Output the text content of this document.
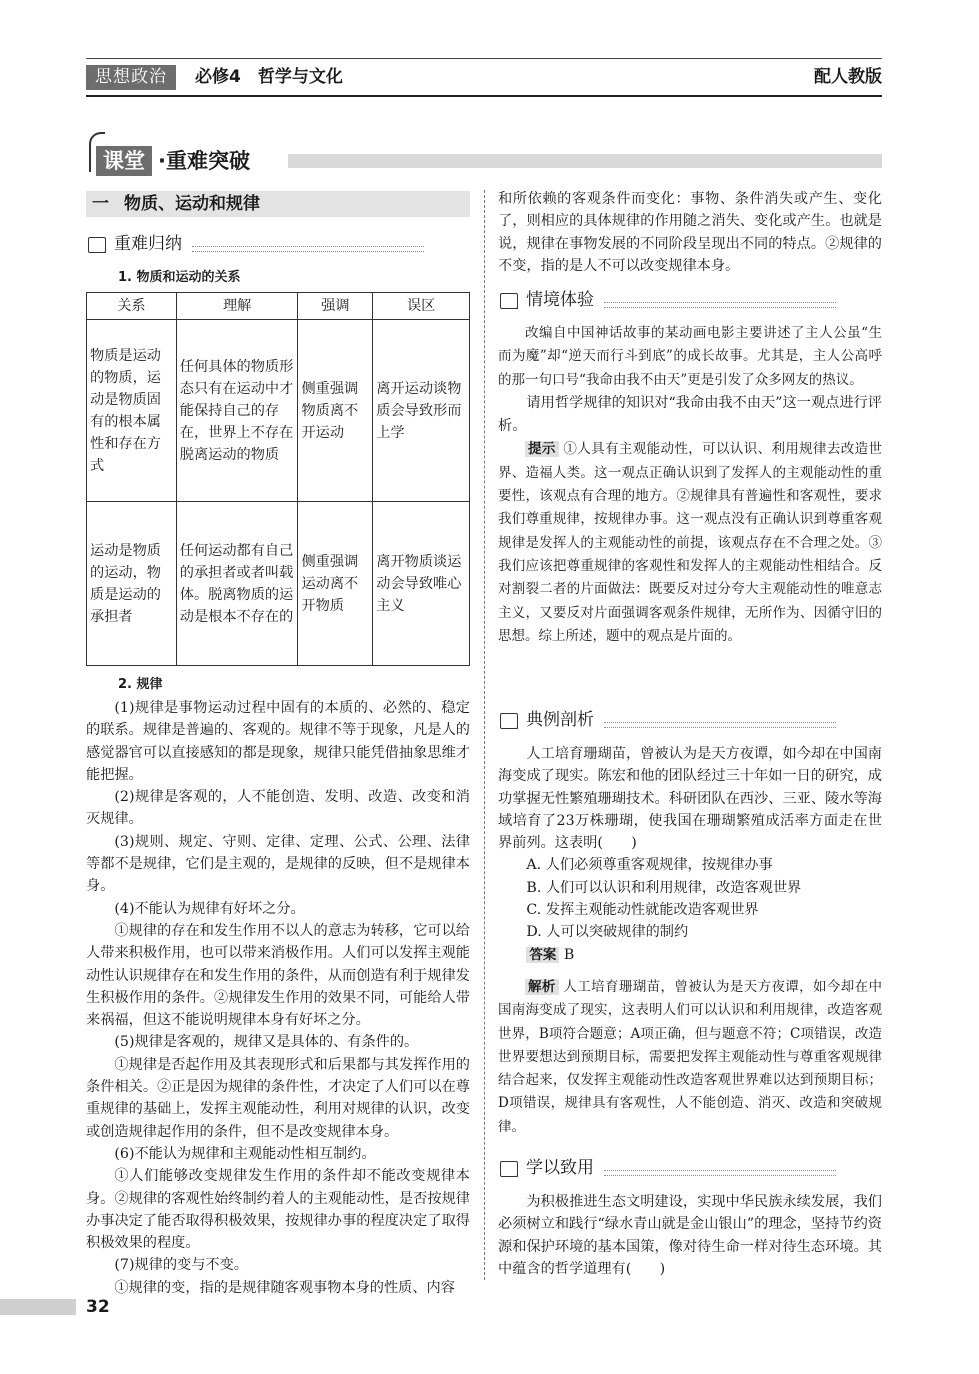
思想政治	必修4　哲学与文化	配人教版
课堂 ·重难突破
一 物质、运动和规律
重难归纳
1. 物质和运动的关系
关系	理解	强调	误区
物质是运动的物质，运动是物质固有的根本属性和存在方式	任何具体的物质形态只有在运动中才能保持自己的存在，世界上不存在脱离运动的物质	侧重强调物质离不开运动	离开运动谈物质会导致形而上学
运动是物质的运动，物质是运动的承担者	任何运动都有自己的承担者或者叫载体。脱离物质的运动是根本不存在的	侧重强调运动离不开物质	离开物质谈运动会导致唯心主义
2. 规律

(1)规律是事物运动过程中固有的本质的、必然的、稳定的联系。规律是普遍的、客观的。规律不等于现象，凡是人的感觉器官可以直接感知的都是现象，规律只能凭借抽象思维才能把握。

(2)规律是客观的，人不能创造、发明、改造、改变和消灭规律。

(3)规则、规定、守则、定律、定理、公式、公理、法律等都不是规律，它们是主观的，是规律的反映，但不是规律本身。

(4)不能认为规律有好坏之分。

①规律的存在和发生作用不以人的意志为转移，它可以给人带来积极作用，也可以带来消极作用。人们可以发挥主观能动性认识规律存在和发生作用的条件，从而创造有利于规律发生积极作用的条件。②规律发生作用的效果不同，可能给人带来祸福，但这不能说明规律本身有好坏之分。

(5)规律是客观的，规律又是具体的、有条件的。

①规律是否起作用及其表现形式和后果都与其发挥作用的条件相关。②正是因为规律的条件性，才决定了人们可以在尊重规律的基础上，发挥主观能动性，利用对规律的认识，改变或创造规律起作用的条件，但不是改变规律本身。

(6)不能认为规律和主观能动性相互制约。

①人们能够改变规律发生作用的条件却不能改变规律本身。②规律的客观性始终制约着人的主观能动性，是否按规律办事决定了能否取得积极效果，按规律办事的程度决定了取得积极效果的程度。

(7)规律的变与不变。

①规律的变，指的是规律随客观事物本身的性质、内容

和所依赖的客观条件而变化：事物、条件消失或产生、变化了，则相应的具体规律的作用随之消失、变化或产生。也就是说，规律在事物发展的不同阶段呈现出不同的特点。②规律的不变，指的是人不可以改变规律本身。

情境体验

改编自中国神话故事的某动画电影主要讲述了主人公虽“生而为魔”却“逆天而行斗到底”的成长故事。尤其是，主人公高呼的那一句口号“我命由我不由天”更是引发了众多网友的热议。

请用哲学规律的知识对“我命由我不由天”这一观点进行评析。

提示 ①人具有主观能动性，可以认识、利用规律去改造世界、造福人类。这一观点正确认识到了发挥人的主观能动性的重要性，该观点有合理的地方。②规律具有普遍性和客观性，要求我们尊重规律，按规律办事。这一观点没有正确认识到尊重客观规律是发挥人的主观能动性的前提，该观点存在不合理之处。③我们应该把尊重规律的客观性和发挥人的主观能动性相结合。反对割裂二者的片面做法：既要反对过分夸大主观能动性的唯意志主义，又要反对片面强调客观条件规律，无所作为、因循守旧的思想。综上所述，题中的观点是片面的。

典例剖析

人工培育珊瑚苗，曾被认为是天方夜谭，如今却在中国南海变成了现实。陈宏和他的团队经过三十年如一日的研究，成功掌握无性繁殖珊瑚技术。科研团队在西沙、三亚、陵水等海域培育了23万株珊瑚，使我国在珊瑚繁殖成活率方面走在世界前列。这表明(　　)

A. 人们必须尊重客观规律，按规律办事

B. 人们可以认识和利用规律，改造客观世界

C. 发挥主观能动性就能改造客观世界

D. 人可以突破规律的制约

答案 B

解析 人工培育珊瑚苗，曾被认为是天方夜谭，如今却在中国南海变成了现实，这表明人们可以认识和利用规律，改造客观世界，B项符合题意；A项正确，但与题意不符；C项错误，改造世界要想达到预期目标，需要把发挥主观能动性与尊重客观规律结合起来，仅发挥主观能动性改造客观世界难以达到预期目标；D项错误，规律具有客观性，人不能创造、消灭、改造和突破规律。

学以致用

为积极推进生态文明建设，实现中华民族永续发展，我们必须树立和践行“绿水青山就是金山银山”的理念，坚持节约资源和保护环境的基本国策，像对待生命一样对待生态环境。其中蕴含的哲学道理有(　　)

32
